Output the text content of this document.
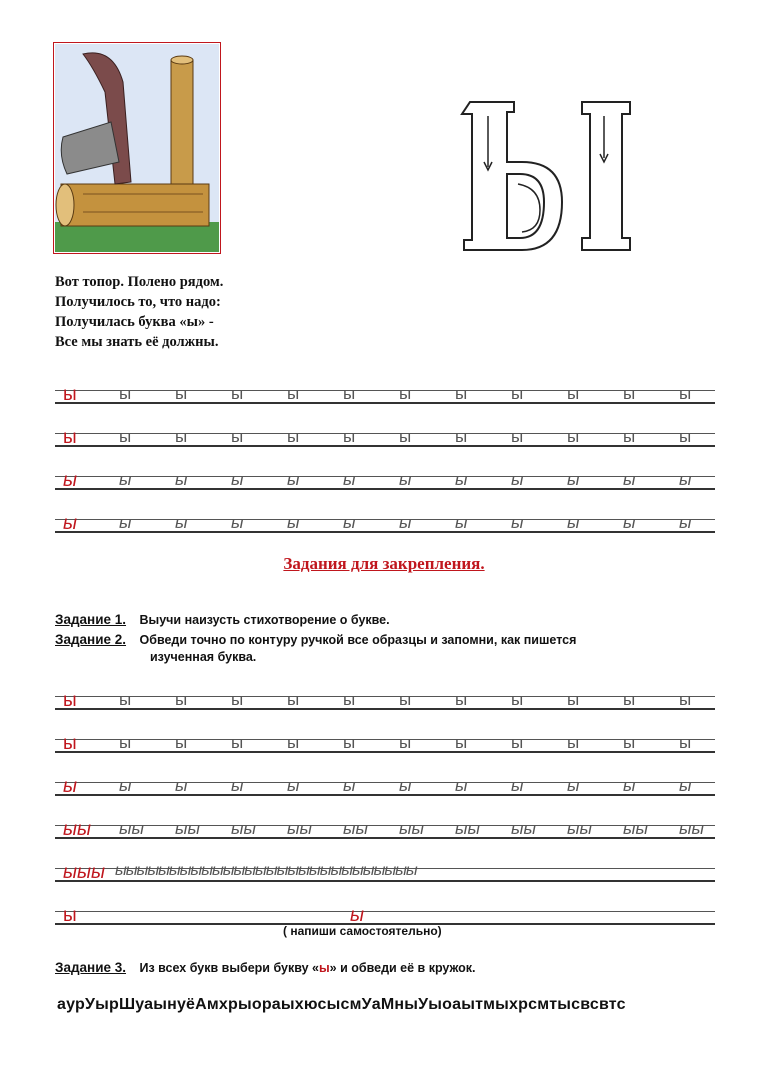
Вот топор. Полено рядом.
Получилось то, что надо:
Получилась буква «ы» -
Все мы знать её должны.
ы ы	ы	ы	ы	ы	ы	ы	ы	ы	ы	ы
ы ы	ы	ы	ы	ы	ы	ы	ы	ы	ы	ы
ы ы	ы	ы	ы	ы	ы	ы	ы	ы	ы	ы
ы ы	ы	ы	ы	ы	ы	ы	ы	ы	ы	ы
Задания для закрепления.
Задание 1. Выучи наизусть стихотворение о букве.
Задание 2. Обведи точно по контуру ручкой все образцы и запомни, как пишется
изученная буква.
ы ы	ы	ы	ы	ы	ы	ы	ы	ы	ы	ы
ы ы	ы	ы	ы	ы	ы	ы	ы	ы	ы	ы
ы ы	ы	ы	ы	ы	ы	ы	ы	ы	ы	ы
ыы ыы ыы ыы ыы ыы ыы ыы ыы ыы ыы ыы
ыыы ыыыыыыыыыыыыыыыыыыыыыыыыыыыы
ы	ы
( напиши самостоятельно)
Задание 3. Из всех букв выбери букву «ы» и обведи её в кружок.
аурУырШуаынуёАмхрыораыхюсысмУаМныУыоаытмыхрсмтысвсвтс
